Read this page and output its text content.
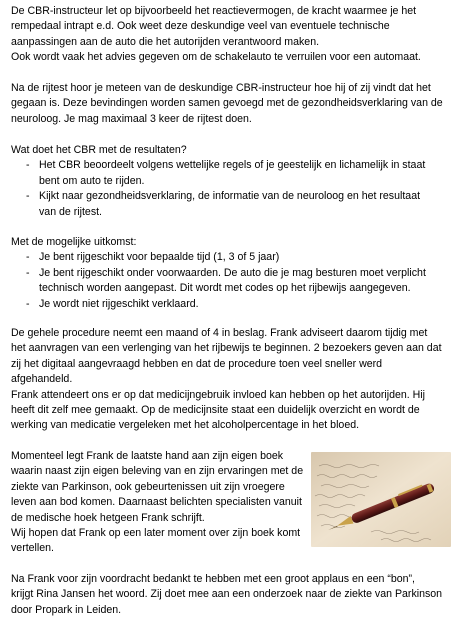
De CBR-instructeur let op bijvoorbeeld het reactievermogen, de kracht waarmee je het

rempedaal intrapt e.d. Ook weet deze deskundige veel van eventuele technische

aanpassingen aan de auto die het autorijden verantwoord maken.

Ook wordt vaak het advies gegeven om de schakelauto te verruilen voor een automaat.

Na de rijtest hoor je meteen van de deskundige CBR-instructeur hoe hij of zij vindt dat het

gegaan is. Deze bevindingen worden samen gevoegd met de gezondheidsverklaring van de

neuroloog. Je mag maximaal 3 keer de rijtest doen.

Wat doet het CBR met de resultaten?

- Het CBR beoordeelt volgens wettelijke regels of je geestelijk en lichamelijk in staat
bent om auto te rijden.
- Kijkt naar gezondheidsverklaring, de informatie van de neuroloog en het resultaat
van de rijtest.

Met de mogelijke uitkomst:

- Je bent rijgeschikt voor bepaalde tijd (1, 3 of 5 jaar)
- Je bent rijgeschikt onder voorwaarden. De auto die je mag besturen moet verplicht
technisch worden aangepast. Dit wordt met codes op het rijbewijs aangegeven.
- Je wordt niet rijgeschikt verklaard.

De gehele procedure neemt een maand of 4 in beslag. Frank adviseert daarom tijdig met

het aanvragen van een verlenging van het rijbewijs te beginnen. 2 bezoekers geven aan dat

zij het digitaal aangevraagd hebben en dat de procedure toen veel sneller werd

afgehandeld.

Frank attendeert ons er op dat medicijngebruik invloed kan hebben op het autorijden. Hij

heeft dit zelf mee gemaakt. Op de medicijnsite staat een duidelijk overzicht en wordt de

werking van medicatie vergeleken met het alcoholpercentage in het bloed.

Momenteel legt Frank de laatste hand aan zijn eigen boek

waarin naast zijn eigen beleving van en zijn ervaringen met de

ziekte van Parkinson, ook gebeurtenissen uit zijn vroegere

leven aan bod komen. Daarnaast belichten specialisten vanuit

de medische hoek hetgeen Frank schrijft.

Wij hopen dat Frank op een later moment over zijn boek komt

vertellen.

Na Frank voor zijn voordracht bedankt te hebben met een groot applaus en een “bon”,

krijgt Rina Jansen het woord. Zij doet mee aan een onderzoek naar de ziekte van Parkinson

door Propark in Leiden.
